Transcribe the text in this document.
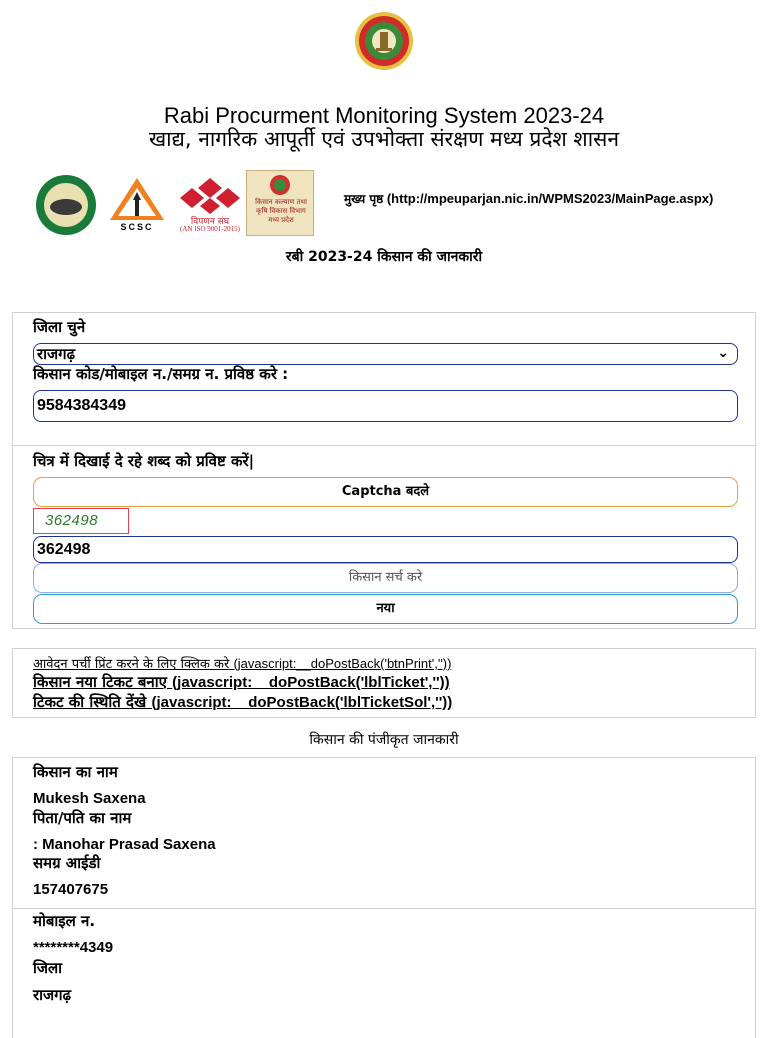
Rabi Procurment Monitoring System 2023-24
खाद्य, नागरिक आपूर्ती एवं उपभोक्ता संरक्षण मध्य प्रदेश शासन
SCSC	विपणन संघ
(AN ISO 9001-2015)
किसान कल्याण तथा कृषि विकास विभाग मध्य प्रदेश
मुख्य पृष्ठ (http://mpeuparjan.nic.in/WPMS2023/MainPage.aspx)
रबी 2023-24 किसान की जानकारी
जिला चुने
राजगढ़	⌄
किसान कोड/मोबाइल न./समग्र न. प्रविष्ठ करे :
9584384349
चित्र में दिखाई दे रहे शब्द को प्रविष्ट करें|
Captcha बदले
362498
362498
किसान सर्च करे
नया
आवेदन पर्ची प्रिंट करने के लिए क्लिक करे (javascript:__doPostBack('btnPrint',''))
किसान नया टिकट बनाए (javascript:__doPostBack('lblTicket',''))
टिकट की स्थिति देंखे (javascript:__doPostBack('lblTicketSol',''))
किसान की पंजीकृत जानकारी
किसान का नाम
Mukesh Saxena
पिता/पति का नाम
: Manohar Prasad Saxena
समग्र आईडी
157407675
मोबाइल न.
********4349
जिला
राजगढ़
